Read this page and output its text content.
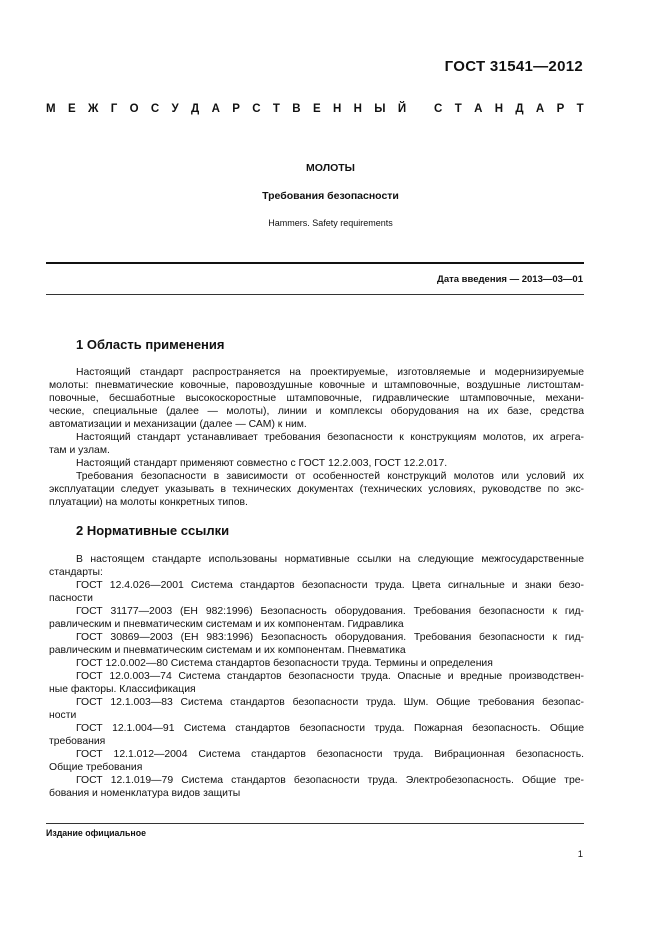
ГОСТ 31541—2012
М Е Ж Г О С У Д А Р С Т В Е Н Н Ы Й
С Т А Н Д А Р Т
МОЛОТЫ
Требования безопасности
Hammers. Safety requirements
Дата введения — 2013—03—01
1 Область применения
Настоящий стандарт распространяется на проектируемые, изготовляемые и модернизируемые
молоты: пневматические ковочные, паровоздушные ковочные и штамповочные, воздушные листоштам-
повочные, бесшаботные высокоскоростные штамповочные, гидравлические штамповочные, механи-
ческие, специальные (далее — молоты), линии и комплексы оборудования на их базе, средства
автоматизации и механизации (далее — САМ) к ним.
Настоящий стандарт устанавливает требования безопасности к конструкциям молотов, их агрега-
там и узлам.
Настоящий стандарт применяют совместно с ГОСТ 12.2.003, ГОСТ 12.2.017.
Требования безопасности в зависимости от особенностей конструкций молотов или условий их
эксплуатации следует указывать в технических документах (технических условиях, руководстве по экс-
плуатации) на молоты конкретных типов.
2 Нормативные ссылки
В настоящем стандарте использованы нормативные ссылки на следующие межгосударственные
стандарты:
ГОСТ 12.4.026—2001 Система стандартов безопасности труда. Цвета сигнальные и знаки безо-
пасности
ГОСТ 31177—2003 (ЕН 982:1996) Безопасность оборудования. Требования безопасности к гид-
равлическим и пневматическим системам и их компонентам. Гидравлика
ГОСТ 30869—2003 (ЕН 983:1996) Безопасность оборудования. Требования безопасности к гид-
равлическим и пневматическим системам и их компонентам. Пневматика
ГОСТ 12.0.002—80 Система стандартов безопасности труда. Термины и определения
ГОСТ 12.0.003—74 Система стандартов безопасности труда. Опасные и вредные производствен-
ные факторы. Классификация
ГОСТ 12.1.003—83 Система стандартов безопасности труда. Шум. Общие требования безопас-
ности
ГОСТ 12.1.004—91 Система стандартов безопасности труда. Пожарная безопасность. Общие
требования
ГОСТ 12.1.012—2004 Система стандартов безопасности труда. Вибрационная безопасность.
Общие требования
ГОСТ 12.1.019—79 Система стандартов безопасности труда. Электробезопасность. Общие тре-
бования и номенклатура видов защиты
Издание официальное
1
